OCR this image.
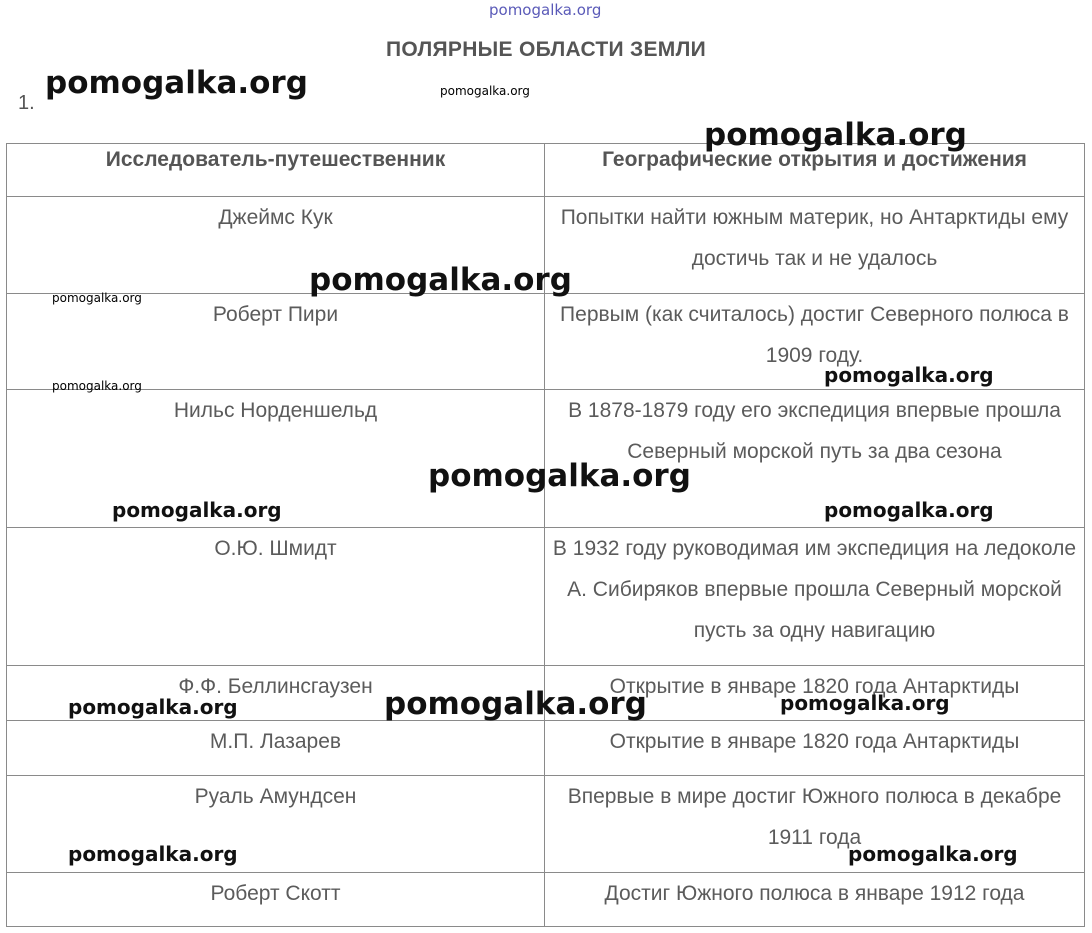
pomogalka.org
ПОЛЯРНЫЕ ОБЛАСТИ ЗЕМЛИ
1.
Исследователь-путешественник	Географические открытия и достижения
Джеймс Кук	Попытки найти южным материк, но Антарктиды ему достичь так и не удалось
Роберт Пири	Первым (как считалось) достиг Северного полюса в 1909 году.
Нильс Норденшельд	В 1878-1879 году его экспедиция впервые прошла Северный морской путь за два сезона
О.Ю. Шмидт	В 1932 году руководимая им экспедиция на ледоколе А. Сибиряков впервые прошла Северный морской пусть за одну навигацию
Ф.Ф. Беллинсгаузен	Открытие в январе 1820 года Антарктиды
М.П. Лазарев	Открытие в январе 1820 года Антарктиды
Руаль Амундсен	Впервые в мире достиг Южного полюса в декабре 1911 года
Роберт Скотт	Достиг Южного полюса в январе 1912 года
pomogalka.org	pomogalka.org
pomogalka.org
pomogalka.org
pomogalka.org
pomogalka.org
pomogalka.org
pomogalka.org
pomogalka.org	pomogalka.org
pomogalka.org	pomogalka.org
pomogalka.org
pomogalka.org	pomogalka.org
